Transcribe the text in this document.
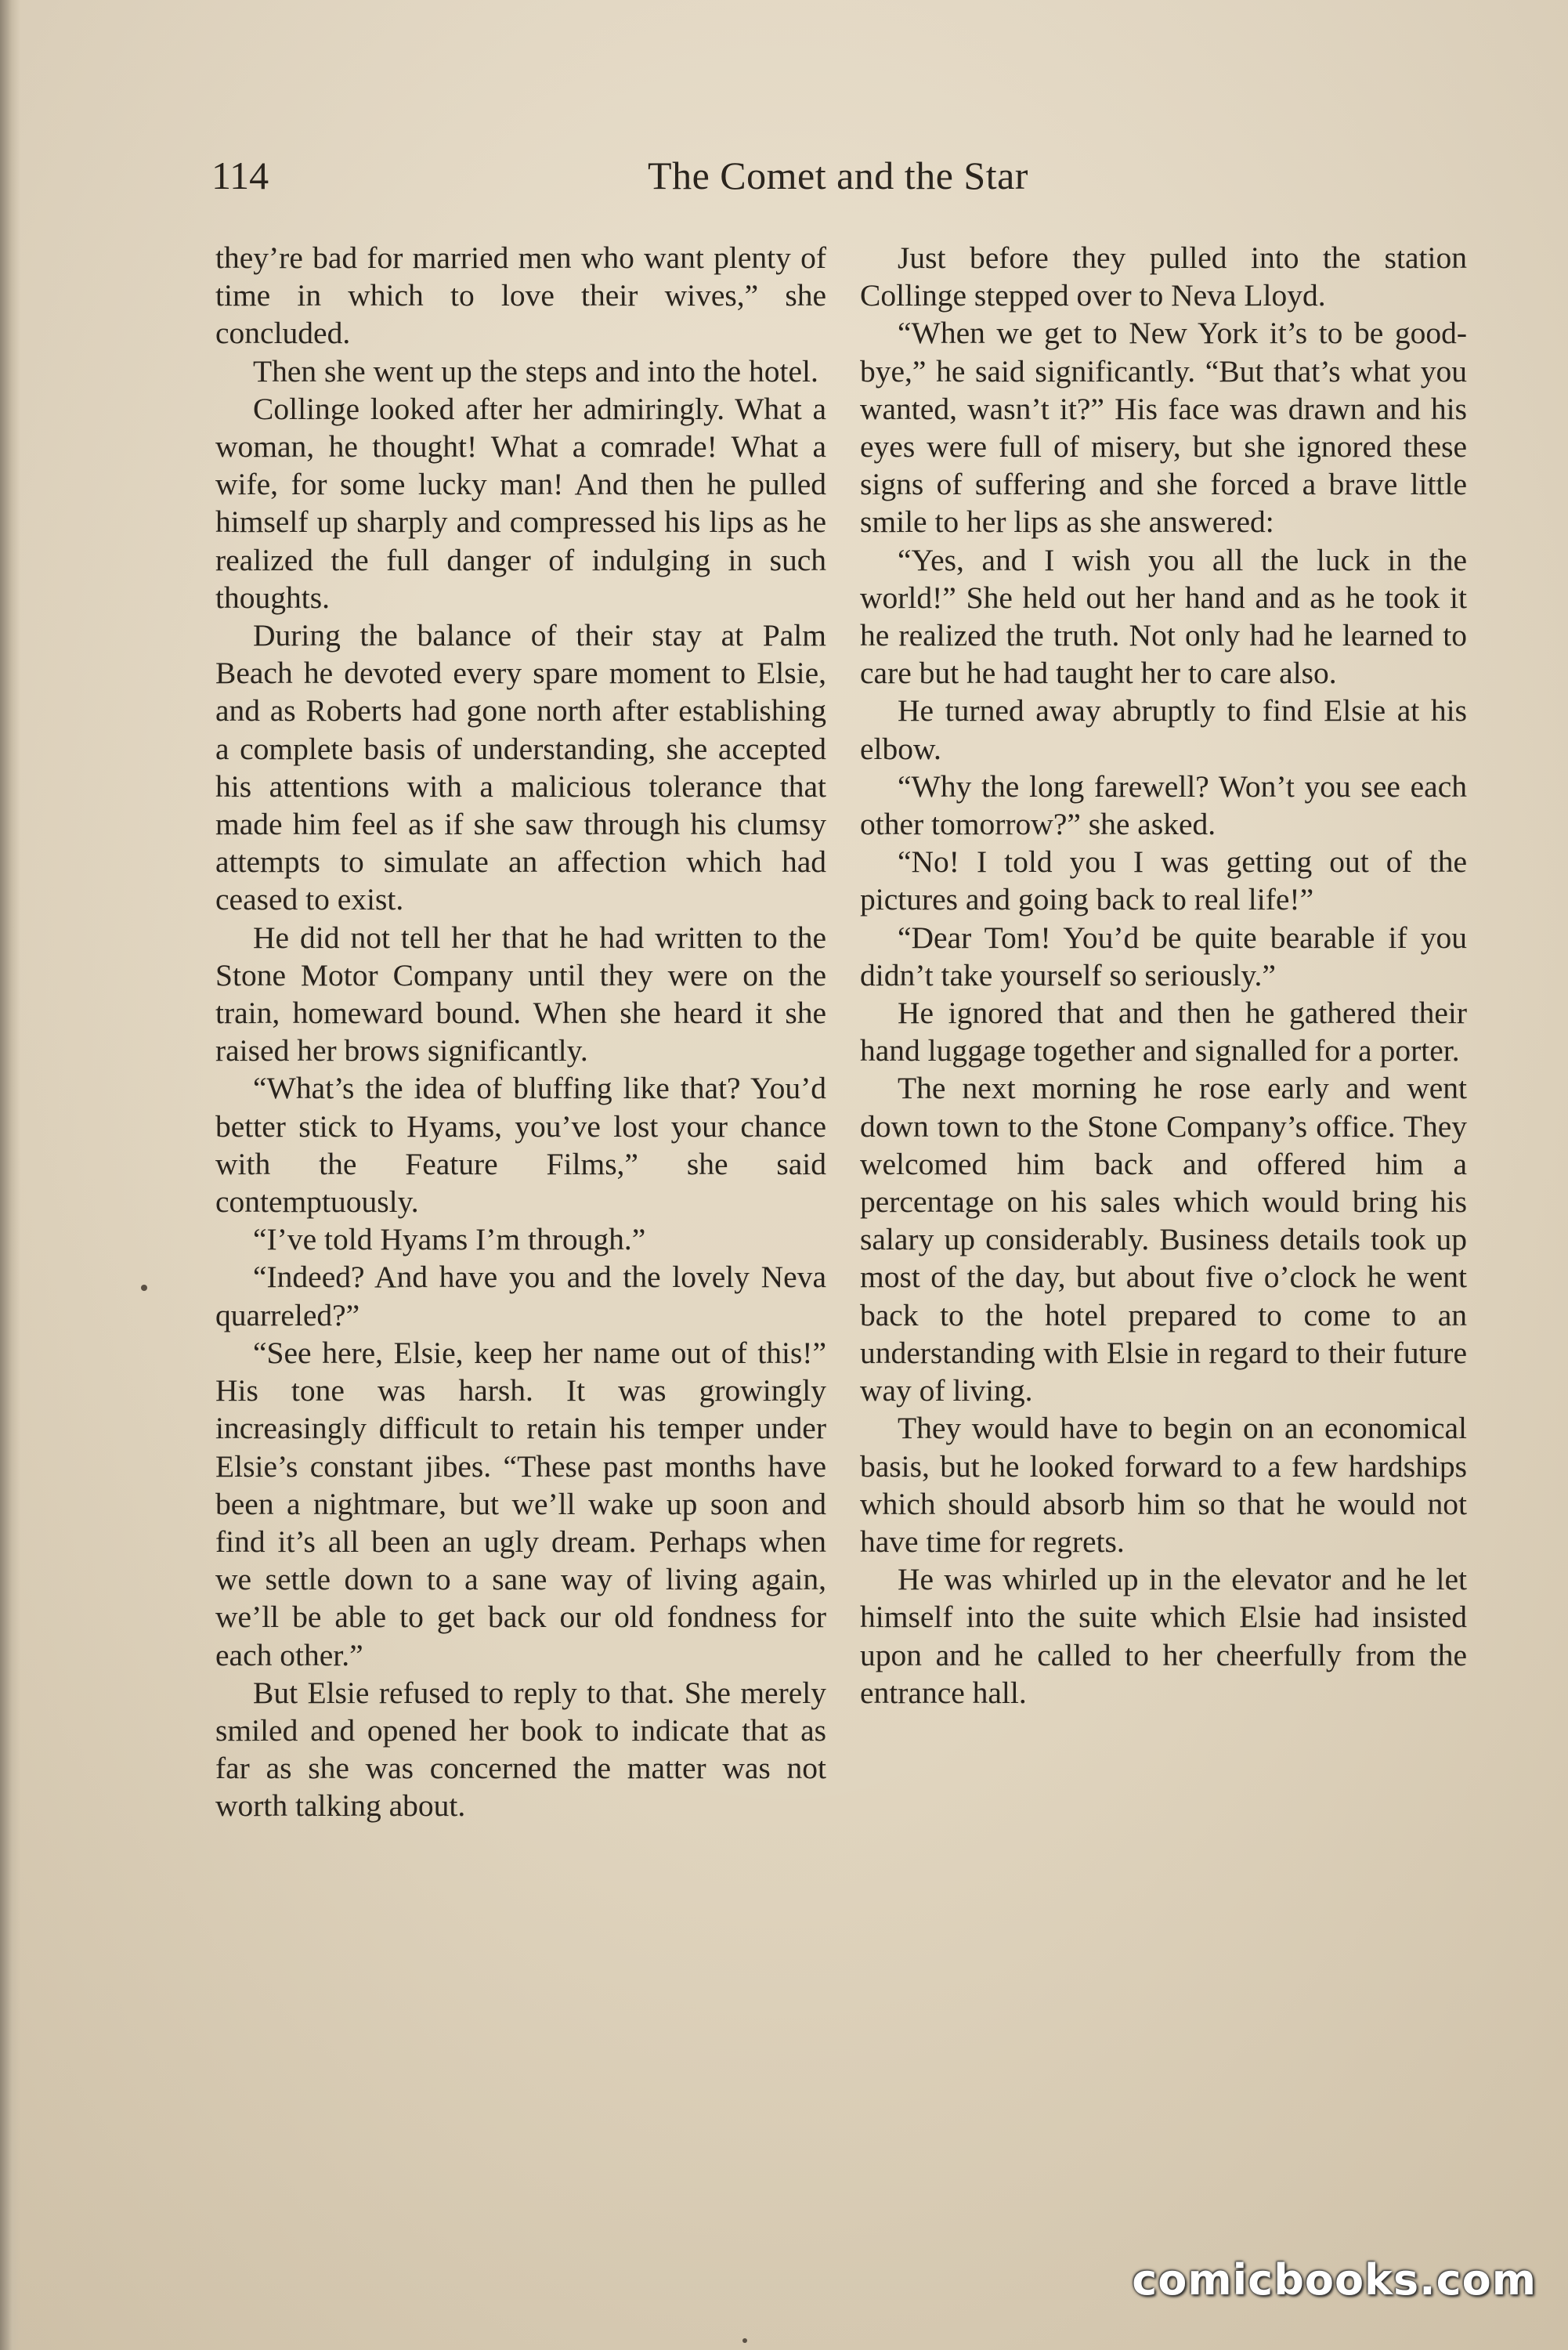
114	The Comet and the Star

they’re bad for married men who want plenty of time in which to love their wives,” she concluded.

Then she went up the steps and into the hotel.

Collinge looked after her admiringly. What a woman, he thought! What a comrade! What a wife, for some lucky man! And then he pulled himself up sharply and compressed his lips as he realized the full danger of indulging in such thoughts.

During the balance of their stay at Palm Beach he devoted every spare moment to Elsie, and as Roberts had gone north after establishing a complete basis of understanding, she accepted his attentions with a malicious tolerance that made him feel as if she saw through his clumsy attempts to simulate an affection which had ceased to exist.

He did not tell her that he had written to the Stone Motor Company until they were on the train, homeward bound. When she heard it she raised her brows significantly.

“What’s the idea of bluffing like that? You’d better stick to Hyams, you’ve lost your chance with the Feature Films,” she said contemptuously.

“I’ve told Hyams I’m through.”

“Indeed? And have you and the lovely Neva quarreled?”

“See here, Elsie, keep her name out of this!” His tone was harsh. It was growingly increasingly difficult to retain his temper under Elsie’s constant jibes. “These past months have been a nightmare, but we’ll wake up soon and find it’s all been an ugly dream. Perhaps when we settle down to a sane way of living again, we’ll be able to get back our old fondness for each other.”

But Elsie refused to reply to that. She merely smiled and opened her book to indicate that as far as she was concerned the matter was not worth talking about.

Just before they pulled into the station Collinge stepped over to Neva Lloyd.

“When we get to New York it’s to be good-bye,” he said significantly. “But that’s what you wanted, wasn’t it?” His face was drawn and his eyes were full of misery, but she ignored these signs of suffering and she forced a brave little smile to her lips as she answered:

“Yes, and I wish you all the luck in the world!” She held out her hand and as he took it he realized the truth. Not only had he learned to care but he had taught her to care also.

He turned away abruptly to find Elsie at his elbow.

“Why the long farewell? Won’t you see each other tomorrow?” she asked.

“No! I told you I was getting out of the pictures and going back to real life!”

“Dear Tom! You’d be quite bearable if you didn’t take yourself so seriously.”

He ignored that and then he gathered their hand luggage together and signalled for a porter.

The next morning he rose early and went down town to the Stone Company’s office. They welcomed him back and offered him a percentage on his sales which would bring his salary up considerably. Business details took up most of the day, but about five o’clock he went back to the hotel prepared to come to an understanding with Elsie in regard to their future way of living.

They would have to begin on an economical basis, but he looked forward to a few hardships which should absorb him so that he would not have time for regrets.

He was whirled up in the elevator and he let himself into the suite which Elsie had insisted upon and he called to her cheerfully from the entrance hall.

comicbooks.com
